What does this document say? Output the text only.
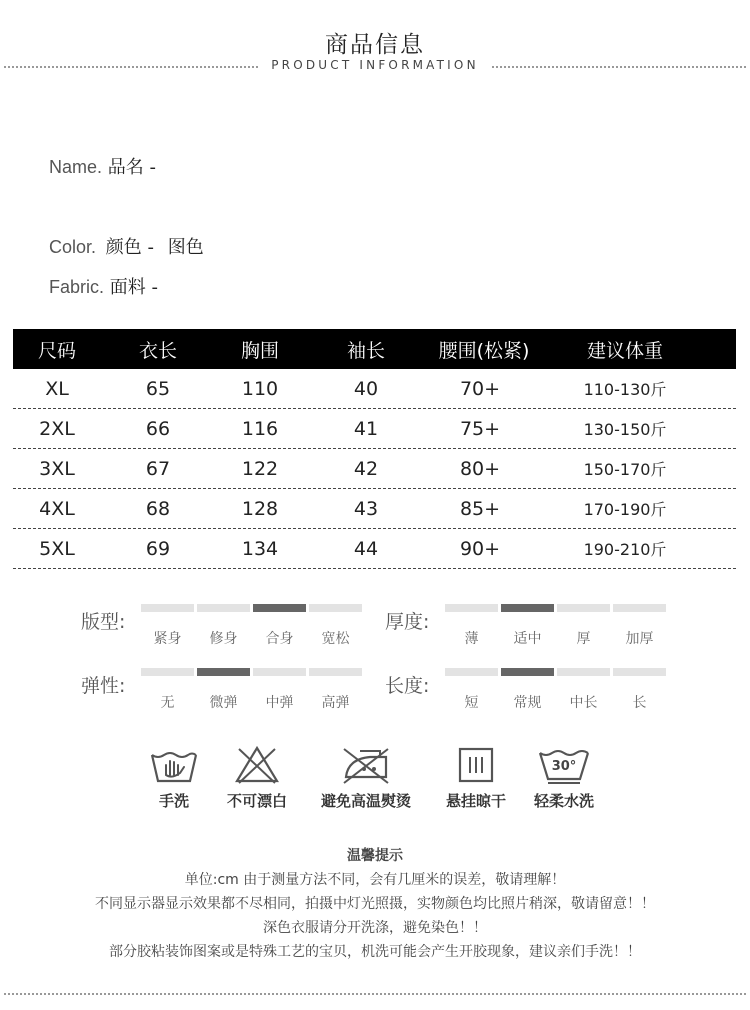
商品信息
PRODUCT INFORMATION
Name. 品名 -
Color. 颜色 - 图色
Fabric. 面料 -
尺码	衣长	胸围	袖长	腰围(松紧)	建议体重
XL	65	110	40	70+	110-130斤
2XL	66	116	41	75+	130-150斤
3XL	67	122	42	80+	150-170斤
4XL	68	128	43	85+	170-190斤
5XL	69	134	44	90+	190-210斤
版型:
紧身	修身	合身	宽松
厚度:
薄	适中	厚	加厚
弹性:
无	微弹	中弹	高弹
长度:
短	常规	中长	长
30°
手洗	不可漂白	避免高温熨烫	悬挂晾干	轻柔水洗
温馨提示
单位:cm 由于测量方法不同，会有几厘米的误差，敬请理解！
不同显示器显示效果都不尽相同，拍摄中灯光照摄，实物颜色均比照片稍深，敬请留意！！
深色衣服请分开洗涤，避免染色！！
部分胶粘装饰图案或是特殊工艺的宝贝，机洗可能会产生开胶现象，建议亲们手洗！！
